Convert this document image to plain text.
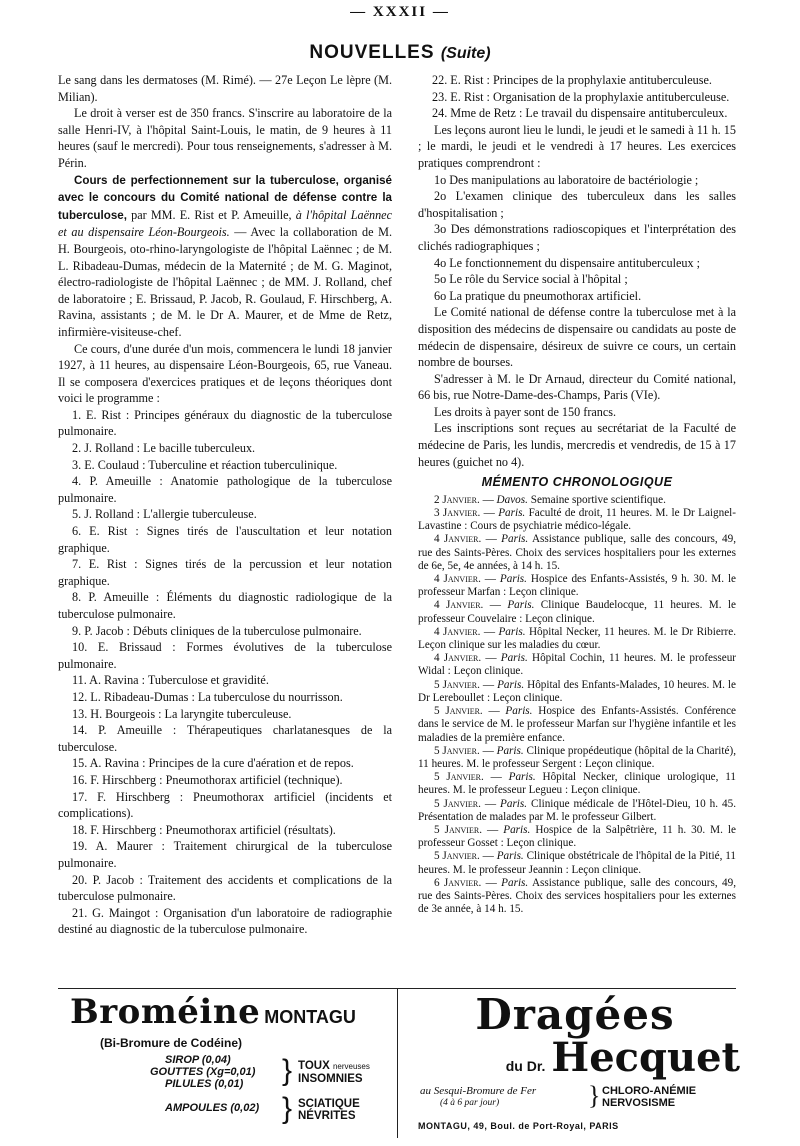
— XXXII —
NOUVELLES (Suite)

Le sang dans les dermatoses (M. Rimé). — 27e Leçon Le lèpre (M. Milian).

Le droit à verser est de 350 francs. S'inscrire au laboratoire de la salle Henri-IV, à l'hôpital Saint-Louis, le matin, de 9 heures à 11 heures (sauf le mercredi). Pour tous renseignements, s'adresser à M. Périn.

Cours de perfectionnement sur la tuberculose, organisé avec le concours du Comité national de défense contre la tuberculose, par MM. E. Rist et P. Ameuille, à l'hôpital Laënnec et au dispensaire Léon-Bourgeois. — Avec la collaboration de M. H. Bourgeois, oto-rhino-laryngologiste de l'hôpital Laënnec ; de M. L. Ribadeau-Dumas, médecin de la Maternité ; de M. G. Maginot, électro-radiologiste de l'hôpital Laënnec ; de MM. J. Rolland, chef de laboratoire ; E. Brissaud, P. Jacob, R. Goulaud, F. Hirschberg, A. Ravina, assistants ; de M. le Dr A. Maurer, et de Mme de Retz, infirmière-visiteuse-chef.

Ce cours, d'une durée d'un mois, commencera le lundi 18 janvier 1927, à 11 heures, au dispensaire Léon-Bourgeois, 65, rue Vaneau. Il se composera d'exercices pratiques et de leçons théoriques dont voici le programme :

1. E. Rist : Principes généraux du diagnostic de la tuberculose pulmonaire.

2. J. Rolland : Le bacille tuberculeux.

3. E. Coulaud : Tuberculine et réaction tuberculinique.

4. P. Ameuille : Anatomie pathologique de la tuberculose pulmonaire.

5. J. Rolland : L'allergie tuberculeuse.

6. E. Rist : Signes tirés de l'auscultation et leur notation graphique.

7. E. Rist : Signes tirés de la percussion et leur notation graphique.

8. P. Ameuille : Éléments du diagnostic radiologique de la tuberculose pulmonaire.

9. P. Jacob : Débuts cliniques de la tuberculose pulmonaire.

10. E. Brissaud : Formes évolutives de la tuberculose pulmonaire.

11. A. Ravina : Tuberculose et gravidité.

12. L. Ribadeau-Dumas : La tuberculose du nourrisson.

13. H. Bourgeois : La laryngite tuberculeuse.

14. P. Ameuille : Thérapeutiques charlatanesques de la tuberculose.

15. A. Ravina : Principes de la cure d'aération et de repos.

16. F. Hirschberg : Pneumothorax artificiel (technique).

17. F. Hirschberg : Pneumothorax artificiel (incidents et complications).

18. F. Hirschberg : Pneumothorax artificiel (résultats).

19. A. Maurer : Traitement chirurgical de la tuberculose pulmonaire.

20. P. Jacob : Traitement des accidents et complications de la tuberculose pulmonaire.

21. G. Maingot : Organisation d'un laboratoire de radiographie destiné au diagnostic de la tuberculose pulmonaire.

22. E. Rist : Principes de la prophylaxie antituberculeuse.

23. E. Rist : Organisation de la prophylaxie antituberculeuse.

24. Mme de Retz : Le travail du dispensaire antituberculeux.

Les leçons auront lieu le lundi, le jeudi et le samedi à 11 h. 15 ; le mardi, le jeudi et le vendredi à 17 heures. Les exercices pratiques comprendront :

1o Des manipulations au laboratoire de bactériologie ;

2o L'examen clinique des tuberculeux dans les salles d'hospitalisation ;

3o Des démonstrations radioscopiques et l'interprétation des clichés radiographiques ;

4o Le fonctionnement du dispensaire antituberculeux ;

5o Le rôle du Service social à l'hôpital ;

6o La pratique du pneumothorax artificiel.

Le Comité national de défense contre la tuberculose met à la disposition des médecins de dispensaire ou candidats au poste de médecin de dispensaire, désireux de suivre ce cours, un certain nombre de bourses.

S'adresser à M. le Dr Arnaud, directeur du Comité national, 66 bis, rue Notre-Dame-des-Champs, Paris (VIe).

Les droits à payer sont de 150 francs.

Les inscriptions sont reçues au secrétariat de la Faculté de médecine de Paris, les lundis, mercredis et vendredis, de 15 à 17 heures (guichet no 4).

MÉMENTO CHRONOLOGIQUE

2 Janvier. — Davos. Semaine sportive scientifique.

3 Janvier. — Paris. Faculté de droit, 11 heures. M. le Dr Laignel-Lavastine : Cours de psychiatrie médico-légale.

4 Janvier. — Paris. Assistance publique, salle des concours, 49, rue des Saints-Pères. Choix des services hospitaliers pour les externes de 6e, 5e, 4e années, à 14 h. 15.

4 Janvier. — Paris. Hospice des Enfants-Assistés, 9 h. 30. M. le professeur Marfan : Leçon clinique.

4 Janvier. — Paris. Clinique Baudelocque, 11 heures. M. le professeur Couvelaire : Leçon clinique.

4 Janvier. — Paris. Hôpital Necker, 11 heures. M. le Dr Ribierre. Leçon clinique sur les maladies du cœur.

4 Janvier. — Paris. Hôpital Cochin, 11 heures. M. le professeur Widal : Leçon clinique.

5 Janvier. — Paris. Hôpital des Enfants-Malades, 10 heures. M. le Dr Lereboullet : Leçon clinique.

5 Janvier. — Paris. Hospice des Enfants-Assistés. Conférence dans le service de M. le professeur Marfan sur l'hygiène infantile et les maladies de la première enfance.

5 Janvier. — Paris. Clinique propédeutique (hôpital de la Charité), 11 heures. M. le professeur Sergent : Leçon clinique.

5 Janvier. — Paris. Hôpital Necker, clinique urologique, 11 heures. M. le professeur Legueu : Leçon clinique.

5 Janvier. — Paris. Clinique médicale de l'Hôtel-Dieu, 10 h. 45. Présentation de malades par M. le professeur Gilbert.

5 Janvier. — Paris. Hospice de la Salpêtrière, 11 h. 30. M. le professeur Gosset : Leçon clinique.

5 Janvier. — Paris. Clinique obstétricale de l'hôpital de la Pitié, 11 heures. M. le professeur Jeannin : Leçon clinique.

6 Janvier. — Paris. Assistance publique, salle des concours, 49, rue des Saints-Pères. Choix des services hospitaliers pour les externes de 3e année, à 14 h. 15.

Broméine MONTAGU
(Bi-Bromure de Codéine)
SIROP (0,04)
GOUTTES (Xg=0,01)
PILULES (0,01)
AMPOULES (0,02)
} TOUX nerveuses
INSOMNIES
} SCIATIQUE
NÉVRITES
Dragées
du Dr. Hecquet
au Sesqui-Bromure de Fer
(4 à 6 par jour)	} CHLORO-ANÉMIE
NERVOSISME
MONTAGU, 49, Boul. de Port-Royal, PARIS
